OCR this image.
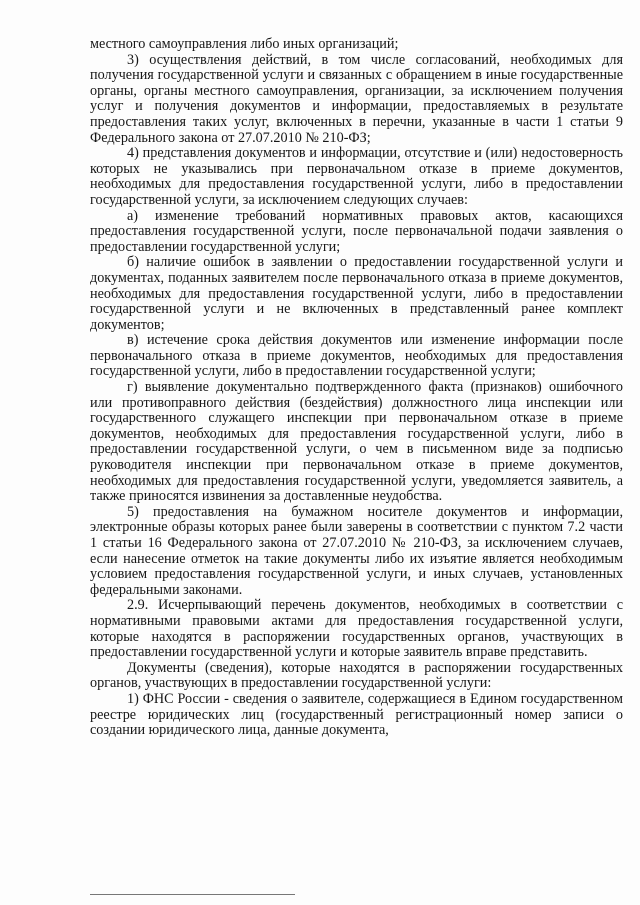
местного самоуправления либо иных организаций;

3) осуществления действий, в том числе согласований, необходимых для получения государственной услуги и связанных с обращением в иные государственные органы, органы местного самоуправления, организации, за исключением получения услуг и получения документов и информации, предоставляемых в результате предоставления таких услуг, включенных в перечни, указанные в части 1 статьи 9 Федерального закона от 27.07.2010 № 210-ФЗ;

4) представления документов и информации, отсутствие и (или) недостоверность которых не указывались при первоначальном отказе в приеме документов, необходимых для предоставления государственной услуги, либо в предоставлении государственной услуги, за исключением следующих случаев:

а) изменение требований нормативных правовых актов, касающихся предоставления государственной услуги, после первоначальной подачи заявления о предоставлении государственной услуги;

б) наличие ошибок в заявлении о предоставлении государственной услуги и документах, поданных заявителем после первоначального отказа в приеме документов, необходимых для предоставления государственной услуги, либо в предоставлении государственной услуги и не включенных в представленный ранее комплект документов;

в) истечение срока действия документов или изменение информации после первоначального отказа в приеме документов, необходимых для предоставления государственной услуги, либо в предоставлении государственной услуги;

г) выявление документально подтвержденного факта (признаков) ошибочного или противоправного действия (бездействия) должностного лица инспекции или государственного служащего инспекции при первоначальном отказе в приеме документов, необходимых для предоставления государственной услуги, либо в предоставлении государственной услуги, о чем в письменном виде за подписью руководителя инспекции при первоначальном отказе в приеме документов, необходимых для предоставления государственной услуги, уведомляется заявитель, а также приносятся извинения за доставленные неудобства.

5) предоставления на бумажном носителе документов и информации, электронные образы которых ранее были заверены в соответствии с пунктом 7.2 части 1 статьи 16 Федерального закона от 27.07.2010 № 210-ФЗ, за исключением случаев, если нанесение отметок на такие документы либо их изъятие является необходимым условием предоставления государственной услуги, и иных случаев, установленных федеральными законами.

2.9. Исчерпывающий перечень документов, необходимых в соответствии с нормативными правовыми актами для предоставления государственной услуги, которые находятся в распоряжении государственных органов, участвующих в предоставлении государственной услуги и которые заявитель вправе представить.

Документы (сведения), которые находятся в распоряжении государственных органов, участвующих в предоставлении государственной услуги:

1) ФНС России - сведения о заявителе, содержащиеся в Едином государственном реестре юридических лиц (государственный регистрационный номер записи о создании юридического лица, данные документа,
